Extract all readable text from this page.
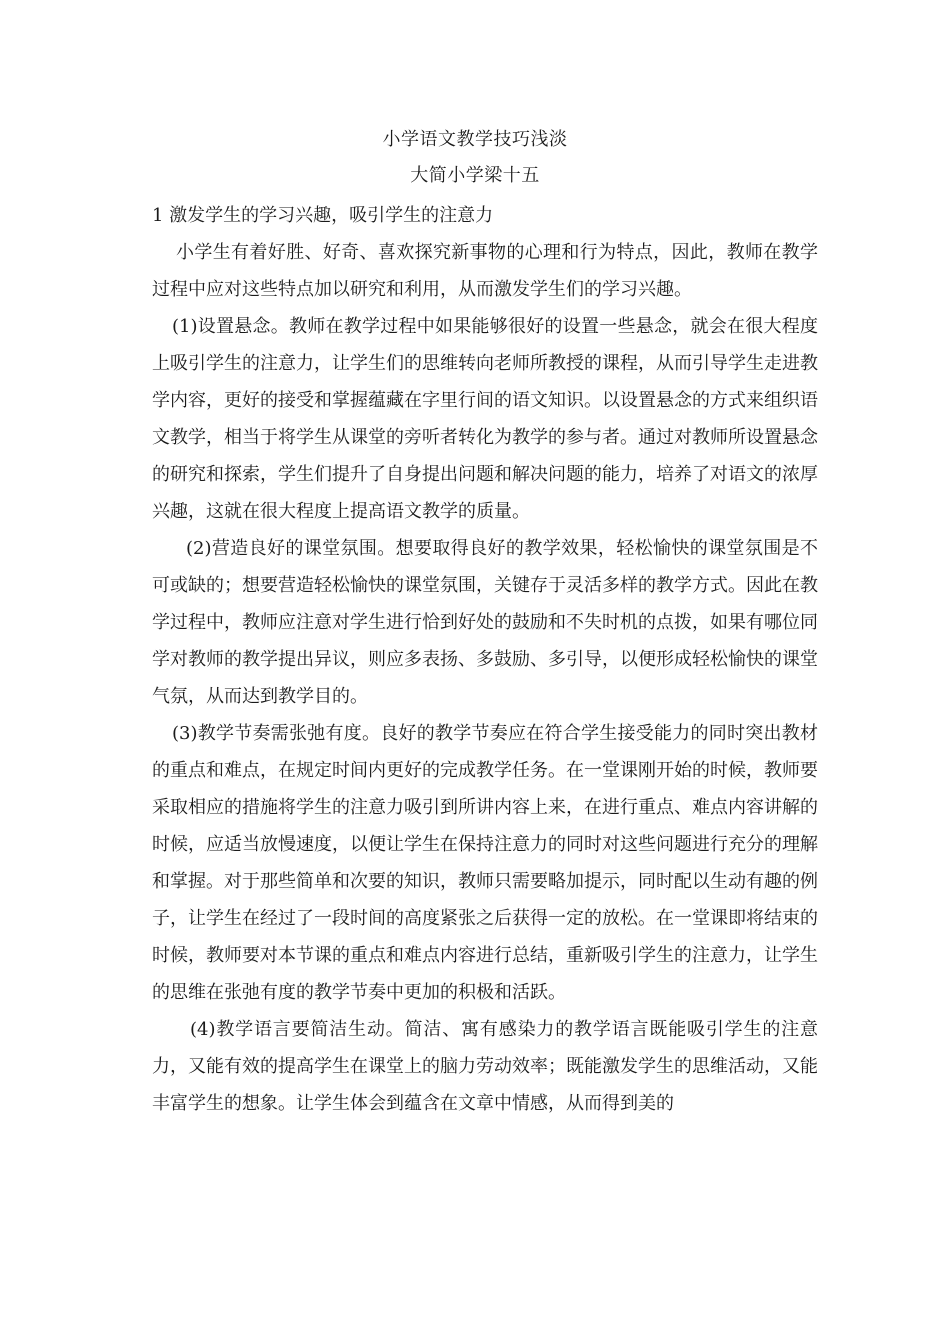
小学语文教学技巧浅淡
大简小学梁十五

1 激发学生的学习兴趣，吸引学生的注意力

小学生有着好胜、好奇、喜欢探究新事物的心理和行为特点，因此，教师在教学过程中应对这些特点加以研究和利用，从而激发学生们的学习兴趣。

(1)设置悬念。教师在教学过程中如果能够很好的设置一些悬念，就会在很大程度上吸引学生的注意力，让学生们的思维转向老师所教授的课程，从而引导学生走进教学内容，更好的接受和掌握蕴藏在字里行间的语文知识。以设置悬念的方式来组织语文教学，相当于将学生从课堂的旁听者转化为教学的参与者。通过对教师所设置悬念的研究和探索，学生们提升了自身提出问题和解决问题的能力，培养了对语文的浓厚兴趣，这就在很大程度上提高语文教学的质量。

(2)营造良好的课堂氛围。想要取得良好的教学效果，轻松愉快的课堂氛围是不可或缺的；想要营造轻松愉快的课堂氛围，关键存于灵活多样的教学方式。因此在教学过程中，教师应注意对学生进行恰到好处的鼓励和不失时机的点拨，如果有哪位同学对教师的教学提出异议，则应多表扬、多鼓励、多引导，以便形成轻松愉快的课堂气氛，从而达到教学目的。

(3)教学节奏需张弛有度。良好的教学节奏应在符合学生接受能力的同时突出教材的重点和难点，在规定时间内更好的完成教学任务。在一堂课刚开始的时候，教师要采取相应的措施将学生的注意力吸引到所讲内容上来，在进行重点、难点内容讲解的时候，应适当放慢速度，以便让学生在保持注意力的同时对这些问题进行充分的理解和掌握。对于那些简单和次要的知识，教师只需要略加提示，同时配以生动有趣的例子，让学生在经过了一段时间的高度紧张之后获得一定的放松。在一堂课即将结束的时候，教师要对本节课的重点和难点内容进行总结，重新吸引学生的注意力，让学生的思维在张弛有度的教学节奏中更加的积极和活跃。

(4)教学语言要简洁生动。简洁、寓有感染力的教学语言既能吸引学生的注意力，又能有效的提高学生在课堂上的脑力劳动效率；既能激发学生的思维活动，又能丰富学生的想象。让学生体会到蕴含在文章中情感，从而得到美的
